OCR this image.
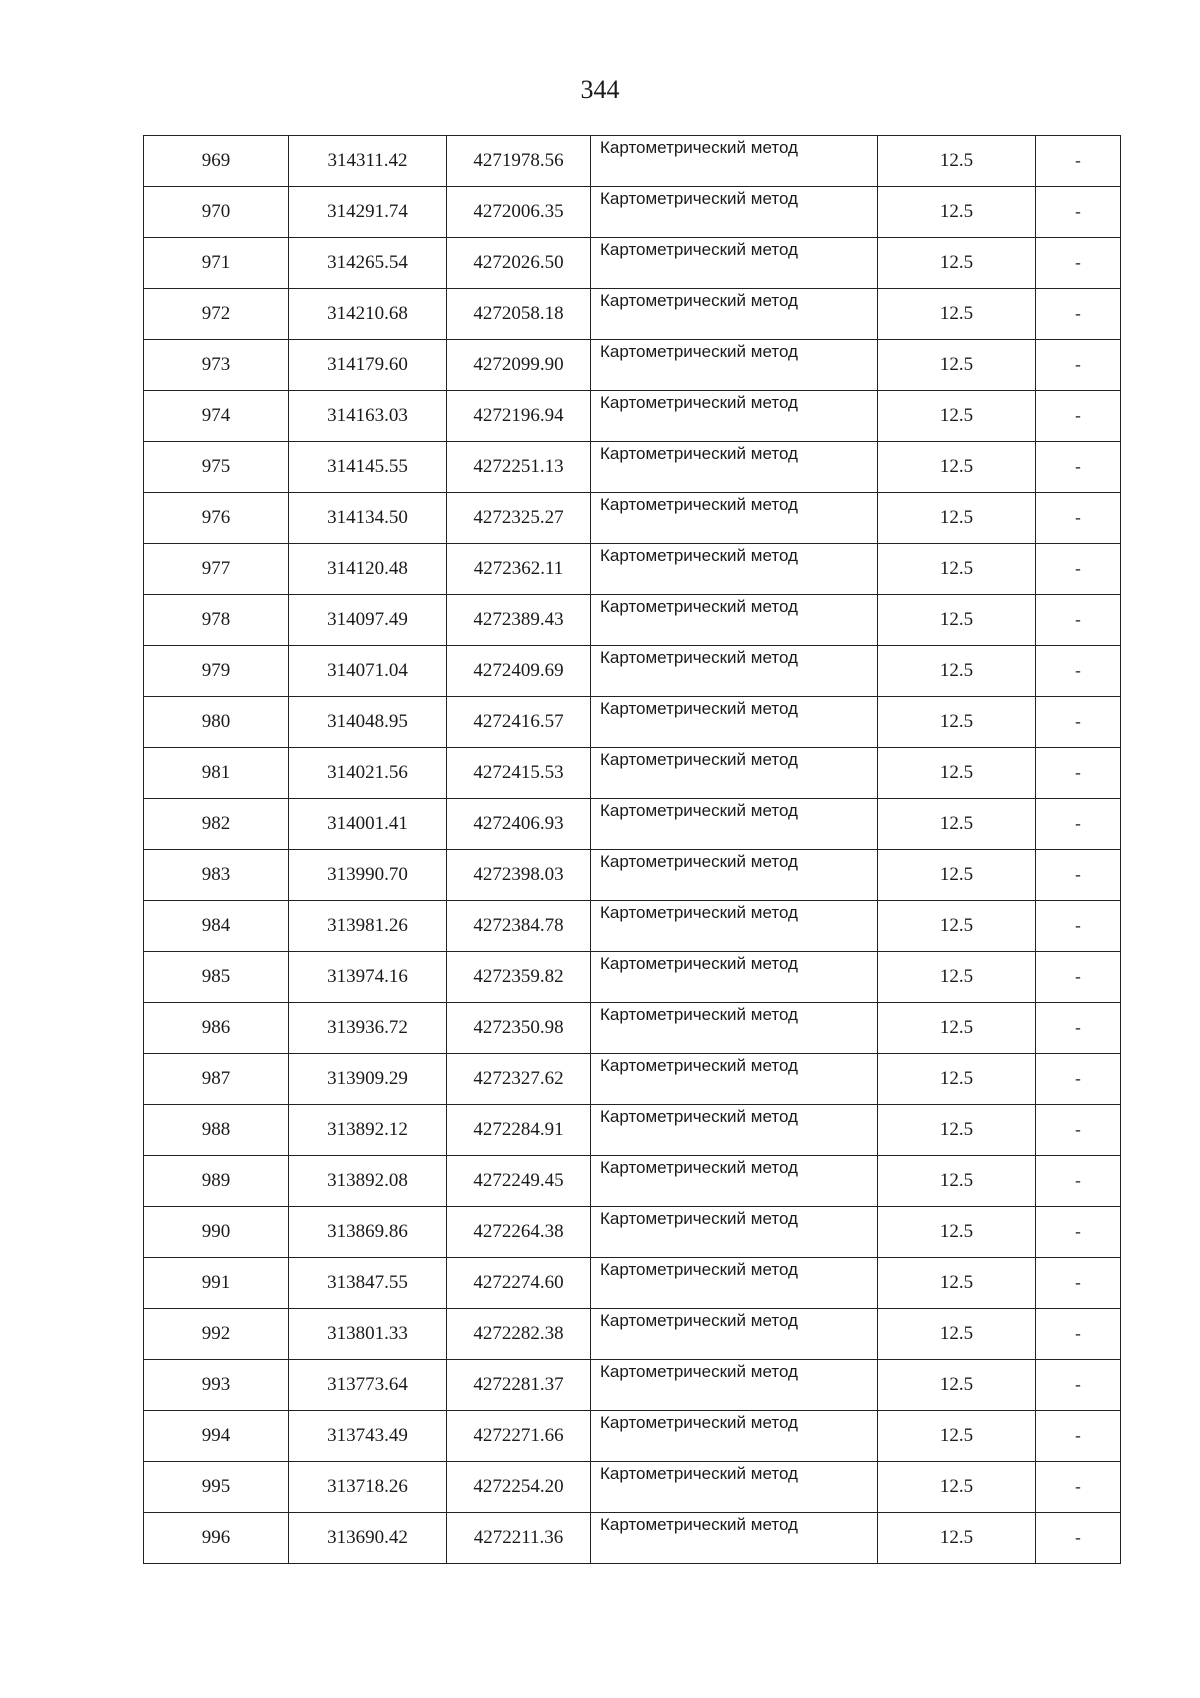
344
969	314311.42	4271978.56	Картометрический метод	12.5	-
970	314291.74	4272006.35	Картометрический метод	12.5	-
971	314265.54	4272026.50	Картометрический метод	12.5	-
972	314210.68	4272058.18	Картометрический метод	12.5	-
973	314179.60	4272099.90	Картометрический метод	12.5	-
974	314163.03	4272196.94	Картометрический метод	12.5	-
975	314145.55	4272251.13	Картометрический метод	12.5	-
976	314134.50	4272325.27	Картометрический метод	12.5	-
977	314120.48	4272362.11	Картометрический метод	12.5	-
978	314097.49	4272389.43	Картометрический метод	12.5	-
979	314071.04	4272409.69	Картометрический метод	12.5	-
980	314048.95	4272416.57	Картометрический метод	12.5	-
981	314021.56	4272415.53	Картометрический метод	12.5	-
982	314001.41	4272406.93	Картометрический метод	12.5	-
983	313990.70	4272398.03	Картометрический метод	12.5	-
984	313981.26	4272384.78	Картометрический метод	12.5	-
985	313974.16	4272359.82	Картометрический метод	12.5	-
986	313936.72	4272350.98	Картометрический метод	12.5	-
987	313909.29	4272327.62	Картометрический метод	12.5	-
988	313892.12	4272284.91	Картометрический метод	12.5	-
989	313892.08	4272249.45	Картометрический метод	12.5	-
990	313869.86	4272264.38	Картометрический метод	12.5	-
991	313847.55	4272274.60	Картометрический метод	12.5	-
992	313801.33	4272282.38	Картометрический метод	12.5	-
993	313773.64	4272281.37	Картометрический метод	12.5	-
994	313743.49	4272271.66	Картометрический метод	12.5	-
995	313718.26	4272254.20	Картометрический метод	12.5	-
996	313690.42	4272211.36	Картометрический метод	12.5	-
